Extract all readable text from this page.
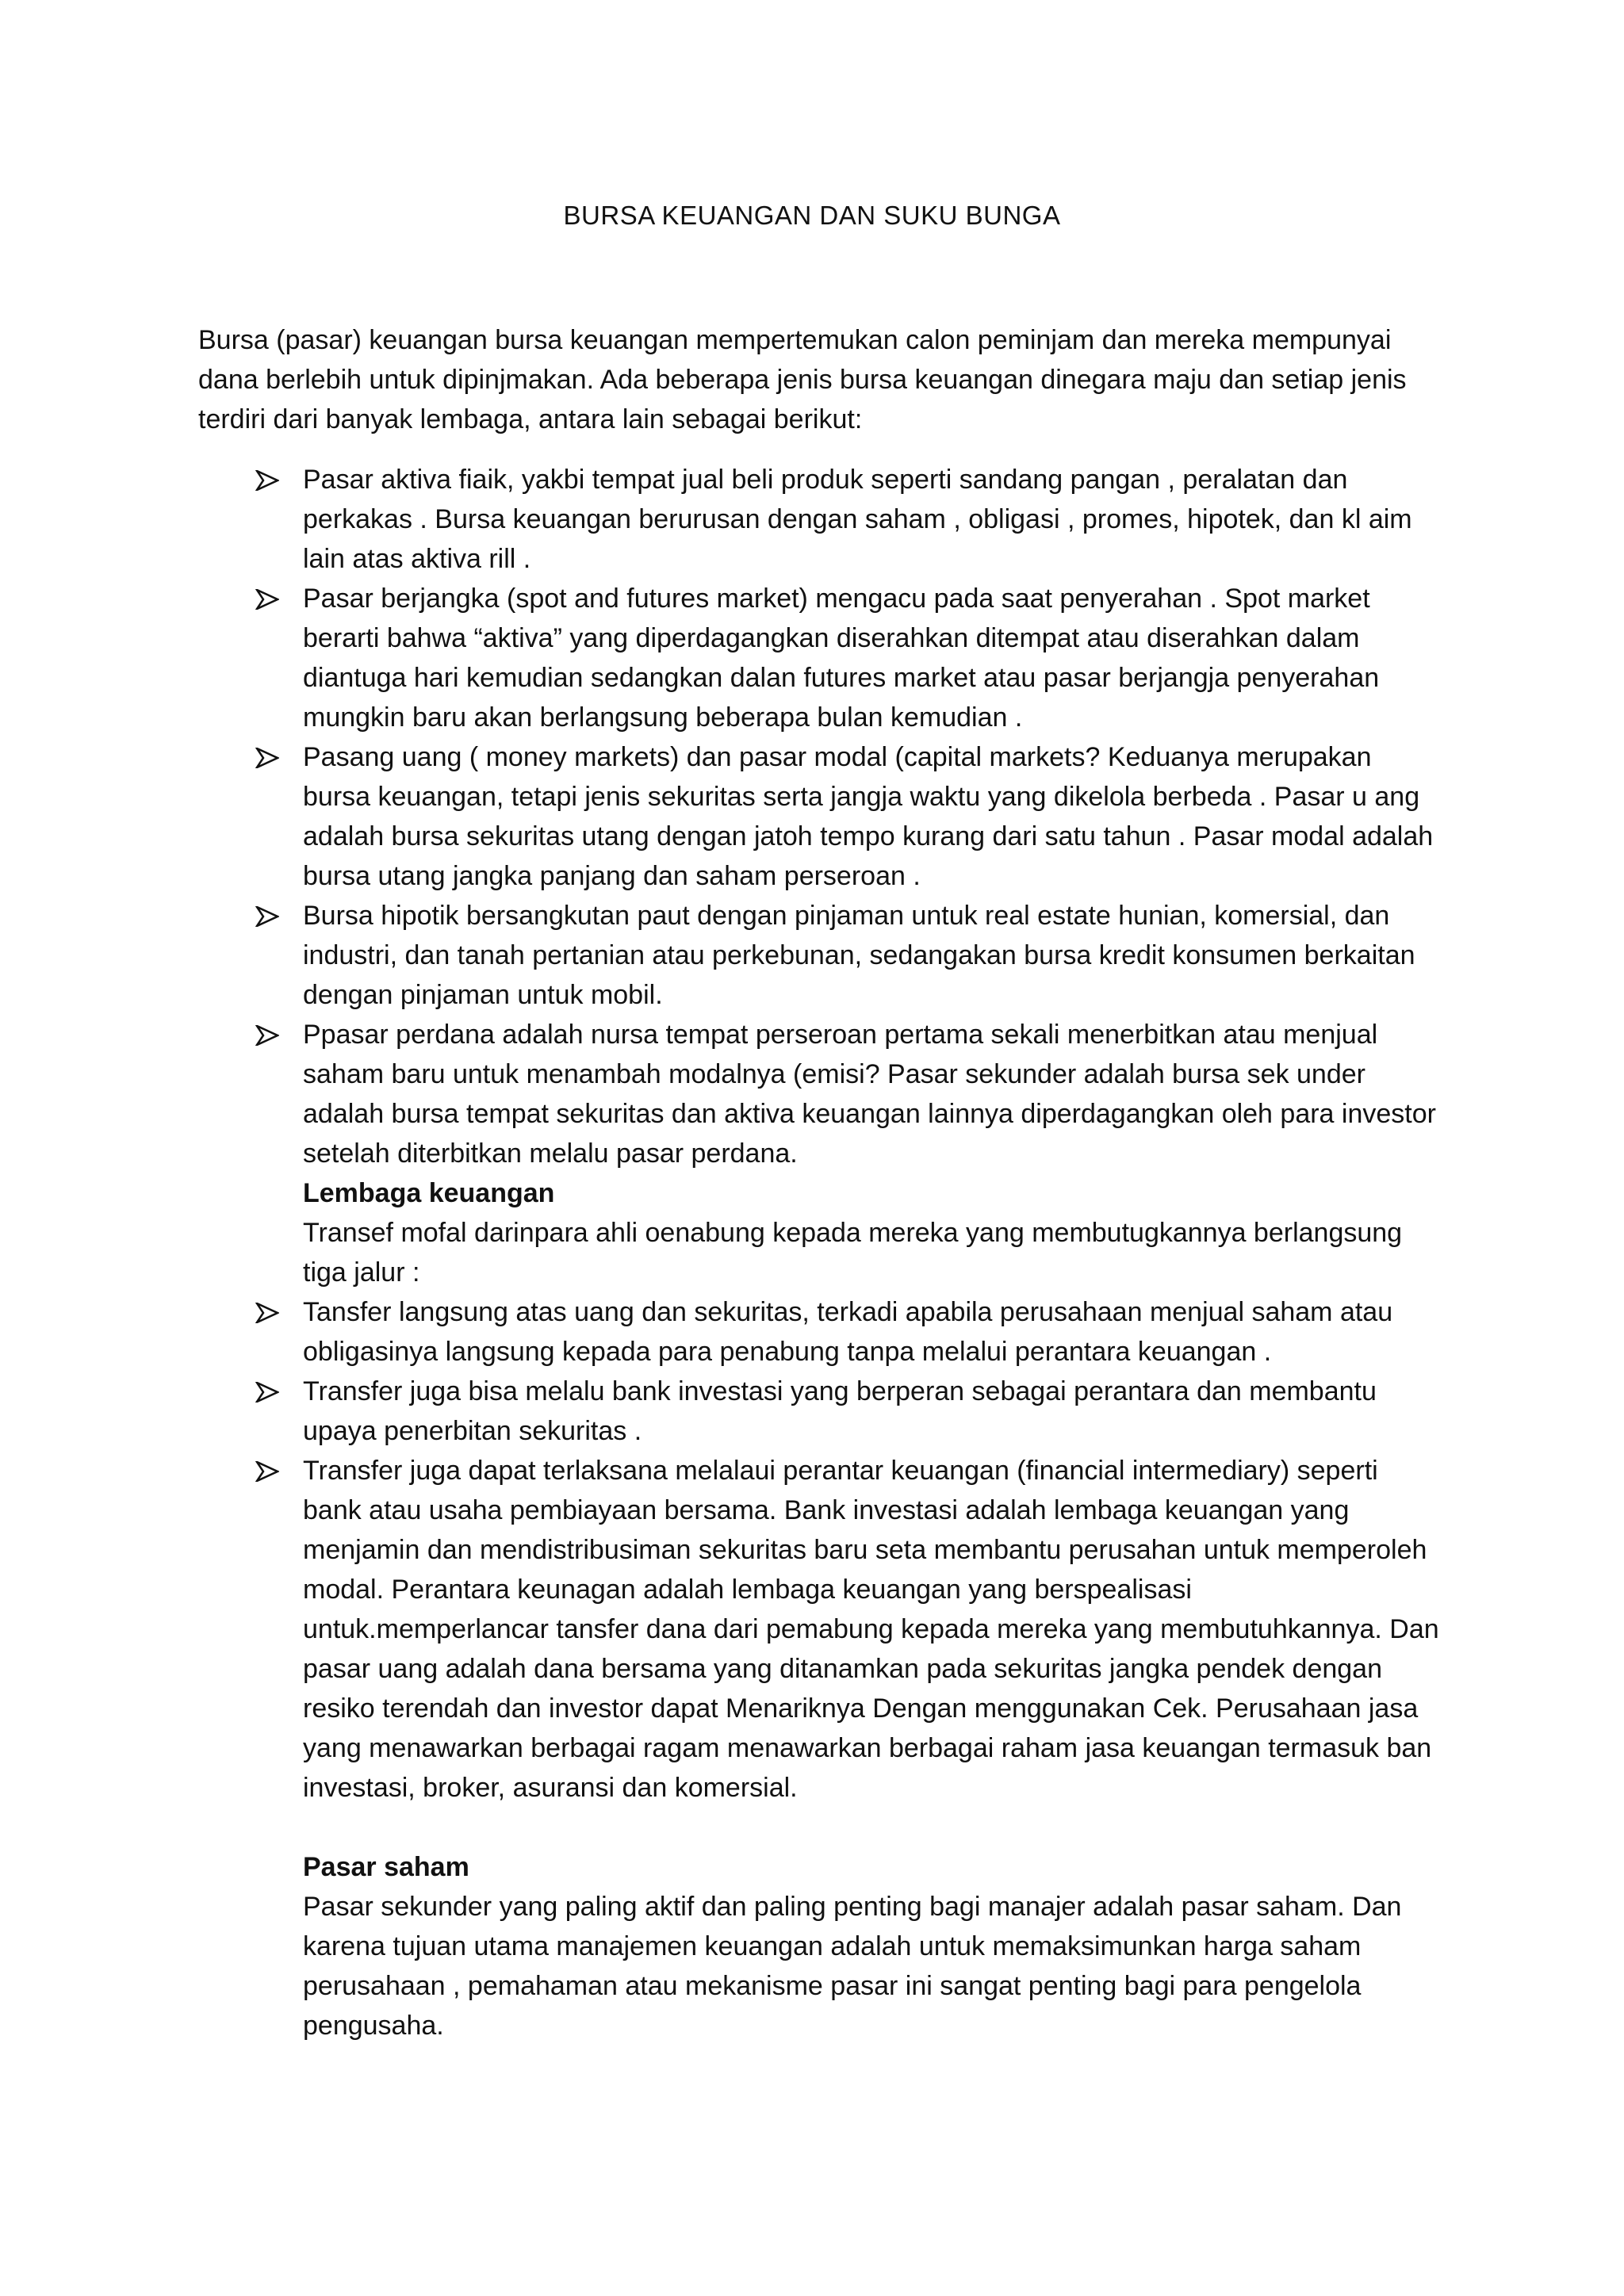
BURSA KEUANGAN DAN SUKU BUNGA

Bursa (pasar) keuangan bursa keuangan mempertemukan calon peminjam dan mereka mempunyai dana berlebih untuk dipinjmakan. Ada beberapa jenis bursa keuangan dinegara maju dan setiap jenis terdiri dari banyak lembaga, antara lain sebagai berikut:

Pasar aktiva fiaik, yakbi tempat jual beli produk seperti sandang pangan , peralatan dan perkakas . Bursa keuangan berurusan dengan saham , obligasi , promes, hipotek, dan kl aim lain atas aktiva rill .

Pasar berjangka (spot and futures market) mengacu pada saat penyerahan . Spot market berarti bahwa “aktiva” yang diperdagangkan diserahkan ditempat atau diserahkan dalam diantuga hari kemudian sedangkan dalan futures market atau pasar berjangja penyerahan mungkin baru akan berlangsung beberapa bulan kemudian .

Pasang uang ( money markets) dan pasar modal (capital markets? Keduanya merupakan bursa keuangan, tetapi jenis sekuritas serta jangja waktu yang dikelola berbeda . Pasar u ang adalah bursa sekuritas utang dengan jatoh tempo kurang dari satu tahun . Pasar modal adalah bursa utang jangka panjang dan saham perseroan .

Bursa hipotik bersangkutan paut dengan pinjaman untuk real estate hunian, komersial, dan industri, dan tanah pertanian atau perkebunan, sedangakan bursa kredit konsumen berkaitan dengan pinjaman untuk mobil.

Ppasar perdana adalah nursa tempat perseroan pertama sekali menerbitkan atau menjual saham baru untuk menambah modalnya (emisi? Pasar sekunder adalah bursa sek under adalah bursa tempat sekuritas dan aktiva keuangan lainnya diperdagangkan oleh para investor setelah diterbitkan melalu pasar perdana.

Lembaga keuangan

Transef mofal darinpara ahli oenabung kepada mereka yang membutugkannya berlangsung tiga jalur :

Tansfer langsung atas uang dan sekuritas, terkadi apabila perusahaan menjual saham atau obligasinya langsung kepada para penabung tanpa melalui perantara keuangan .

Transfer juga bisa melalu bank investasi yang berperan sebagai perantara dan membantu upaya penerbitan sekuritas .

Transfer juga dapat terlaksana melalaui perantar keuangan (financial intermediary) seperti bank atau usaha pembiayaan bersama. Bank investasi adalah lembaga keuangan yang menjamin dan mendistribusiman sekuritas baru seta membantu perusahan untuk memperoleh modal. Perantara keunagan adalah lembaga keuangan yang berspealisasi untuk.memperlancar tansfer dana dari pemabung kepada mereka yang membutuhkannya. Dan pasar uang adalah dana bersama yang ditanamkan pada sekuritas jangka pendek dengan resiko terendah dan investor dapat Menariknya Dengan menggunakan Cek. Perusahaan jasa yang menawarkan berbagai ragam menawarkan berbagai raham jasa keuangan termasuk ban investasi, broker, asuransi dan komersial.

Pasar saham

Pasar sekunder yang paling aktif dan paling penting bagi manajer adalah pasar saham. Dan karena tujuan utama manajemen keuangan adalah untuk memaksimunkan harga saham perusahaan , pemahaman atau mekanisme pasar ini sangat penting bagi para pengelola pengusaha.
